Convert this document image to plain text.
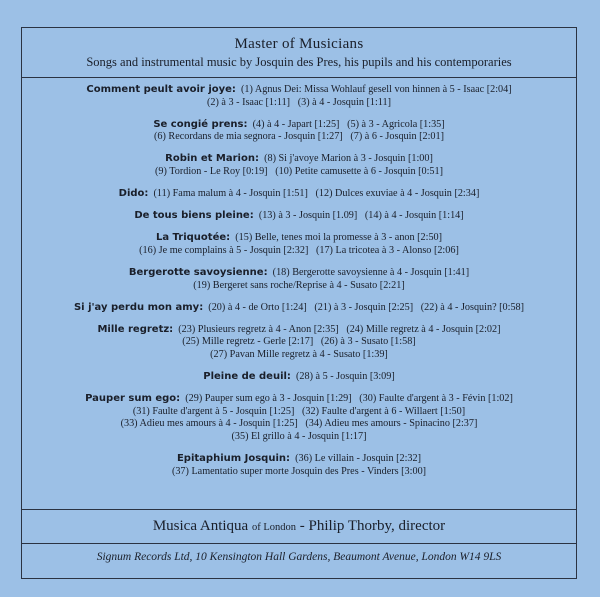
Master of Musicians
Songs and instrumental music by Josquin des Pres, his pupils and his contemporaries
Comment peult avoir joye: (1) Agnus Dei: Missa Wohlauf gesell von hinnen à 5 - Isaac [2:04]
(2) à 3 - Isaac [1:11]   (3) à 4 - Josquin [1:11]
Se congié prens: (4) à 4 - Japart [1:25]   (5) à 3 - Agricola [1:35]
(6) Recordans de mia segnora - Josquin [1:27]   (7) à 6 - Josquin [2:01]
Robin et Marion: (8) Si j'avoye Marion à 3 - Josquin [1:00]
(9) Tordion - Le Roy [0:19]   (10) Petite camusette à 6 - Josquin [0:51]
Dido: (11) Fama malum à 4 - Josquin [1:51]   (12) Dulces exuviae à 4 - Josquin [2:34]
De tous biens pleine: (13) à 3 - Josquin [1.09]   (14) à 4 - Josquin [1:14]
La Triquotée: (15) Belle, tenes moi la promesse à 3 - anon [2:50]
(16) Je me complains à 5 - Josquin [2:32]   (17) La tricotea à 3 - Alonso [2:06]
Bergerotte savoysienne: (18) Bergerotte savoysienne à 4 - Josquin [1:41]
(19) Bergeret sans roche/Reprise à 4 - Susato [2:21]
Si j'ay perdu mon amy: (20) à 4 - de Orto [1:24]   (21) à 3 - Josquin [2:25]   (22) à 4 - Josquin? [0:58]
Mille regretz: (23) Plusieurs regretz à 4 - Anon [2:35]   (24) Mille regretz à 4 - Josquin [2:02]
(25) Mille regretz - Gerle [2:17]   (26) à 3 - Susato [1:58]
(27) Pavan Mille regretz à 4 - Susato [1:39]
Pleine de deuil: (28) à 5 - Josquin [3:09]
Pauper sum ego: (29) Pauper sum ego à 3 - Josquin [1:29]   (30) Faulte d'argent à 3 - Févin [1:02]
(31) Faulte d'argent à 5 - Josquin [1:25]   (32) Faulte d'argent à 6 - Willaert [1:50]
(33) Adieu mes amours à 4 - Josquin [1:25]   (34) Adieu mes amours - Spinacino [2:37]
(35) El grillo à 4 - Josquin [1:17]
Epitaphium Josquin: (36) Le villain - Josquin [2:32]
(37) Lamentatio super morte Josquin des Pres - Vinders [3:00]
Musica Antiqua of London - Philip Thorby, director
Signum Records Ltd, 10 Kensington Hall Gardens, Beaumont Avenue, London W14 9LS
